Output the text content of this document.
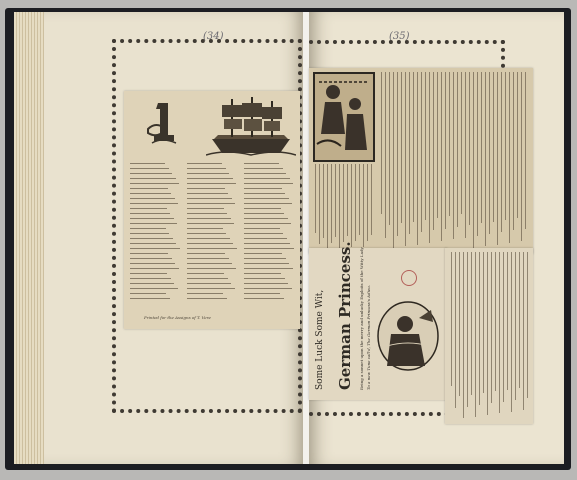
(34)
Printed for the Assigns of T. Vere
(35)
Some Luck Some Wit, German Princess. Being a sonnet upon the merry and unlucky Exploits of the Witty Lady To a new Tune call'd, The German Princess's Adieu.
